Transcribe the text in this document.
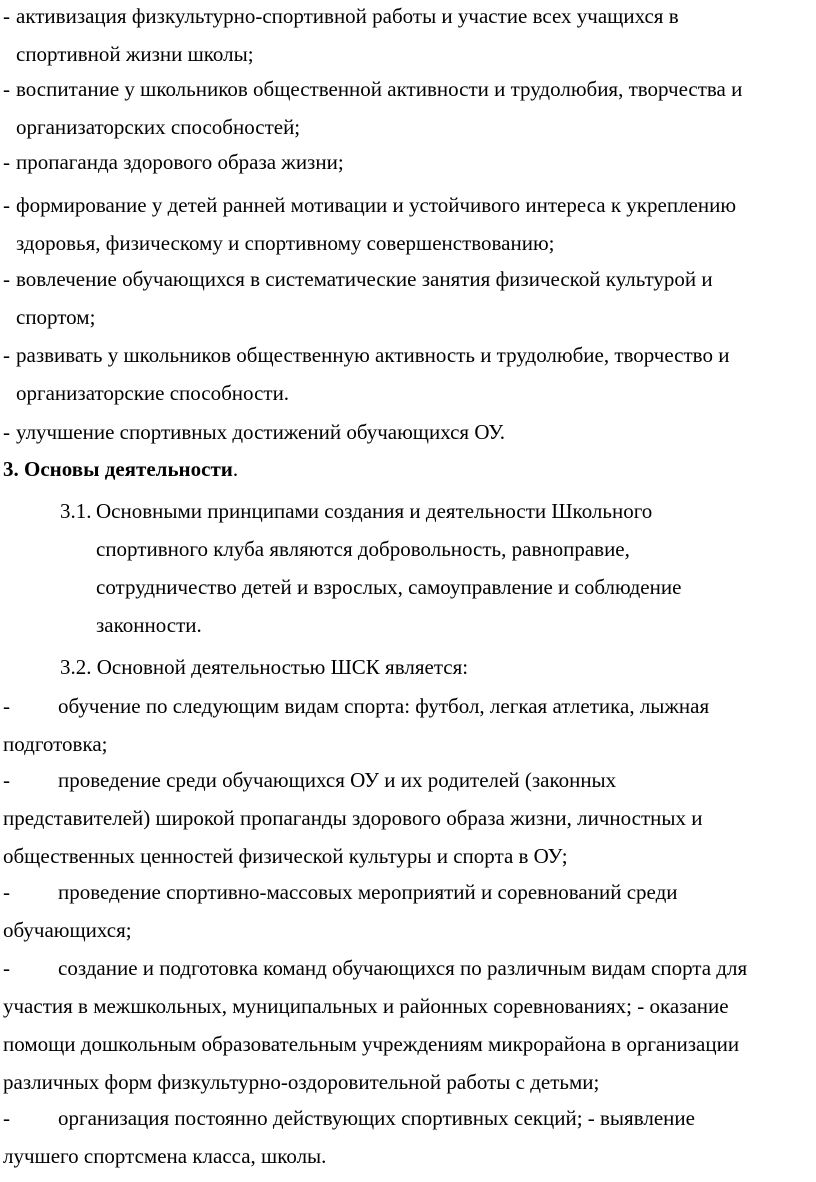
- активизация физкультурно-спортивной работы и участие всех учащихся в
спортивной жизни школы;
- воспитание у школьников общественной активности и трудолюбия, творчества и
организаторских способностей;
- пропаганда здорового образа жизни;
- формирование у детей ранней мотивации и устойчивого интереса к укреплению
здоровья, физическому и спортивному совершенствованию;
- вовлечение обучающихся в систематические занятия физической культурой и
спортом;
- развивать у школьников общественную активность и трудолюбие, творчество и
организаторские способности.
- улучшение спортивных достижений обучающихся ОУ.
3. Основы деятельности.
3.1. Основными принципами создания и деятельности Школьного
спортивного клуба являются добровольность, равноправие,
сотрудничество детей и взрослых, самоуправление и соблюдение
законности.
3.2. Основной деятельностью ШСК является:
-	обучение по следующим видам спорта: футбол, легкая атлетика, лыжная
подготовка;
-	проведение среди обучающихся ОУ и их родителей (законных
представителей) широкой пропаганды здорового образа жизни, личностных и
общественных ценностей физической культуры и спорта в ОУ;
-	проведение спортивно-массовых мероприятий и соревнований среди
обучающихся;
-	создание и подготовка команд обучающихся по различным видам спорта для
участия в межшкольных, муниципальных и районных соревнованиях; - оказание
помощи дошкольным образовательным учреждениям микрорайона в организации
различных форм физкультурно-оздоровительной работы с детьми;
-	организация постоянно действующих спортивных секций; - выявление
лучшего спортсмена класса, школы.
